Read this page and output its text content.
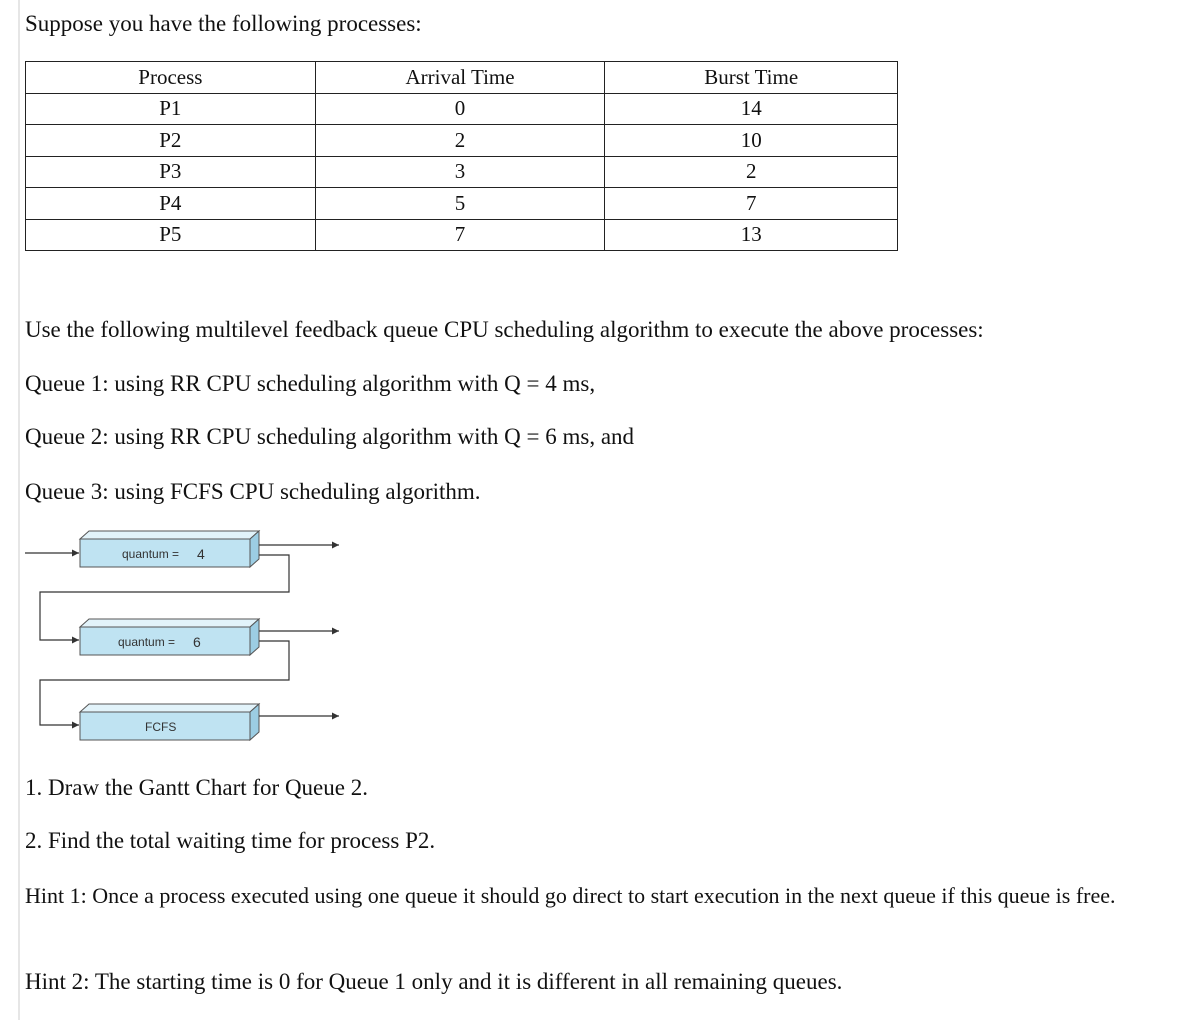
Suppose you have the following processes:
Process	Arrival Time	Burst Time
P1	0	14
P2	2	10
P3	3	2
P4	5	7
P5	7	13
Use the following multilevel feedback queue CPU scheduling algorithm to execute the above processes:
Queue 1: using RR CPU scheduling algorithm with Q = 4 ms,
Queue 2: using RR CPU scheduling algorithm with Q = 6 ms, and
Queue 3: using FCFS CPU scheduling algorithm.
1. Draw the Gantt Chart for Queue 2.
2. Find the total waiting time for process P2.
Hint 1: Once a process executed using one queue it should go direct to start execution in the next queue if this queue is free.
Hint 2: The starting time is 0 for Queue 1 only and it is different in all remaining queues.
quantum = 4
quantum = 6
FCFS
